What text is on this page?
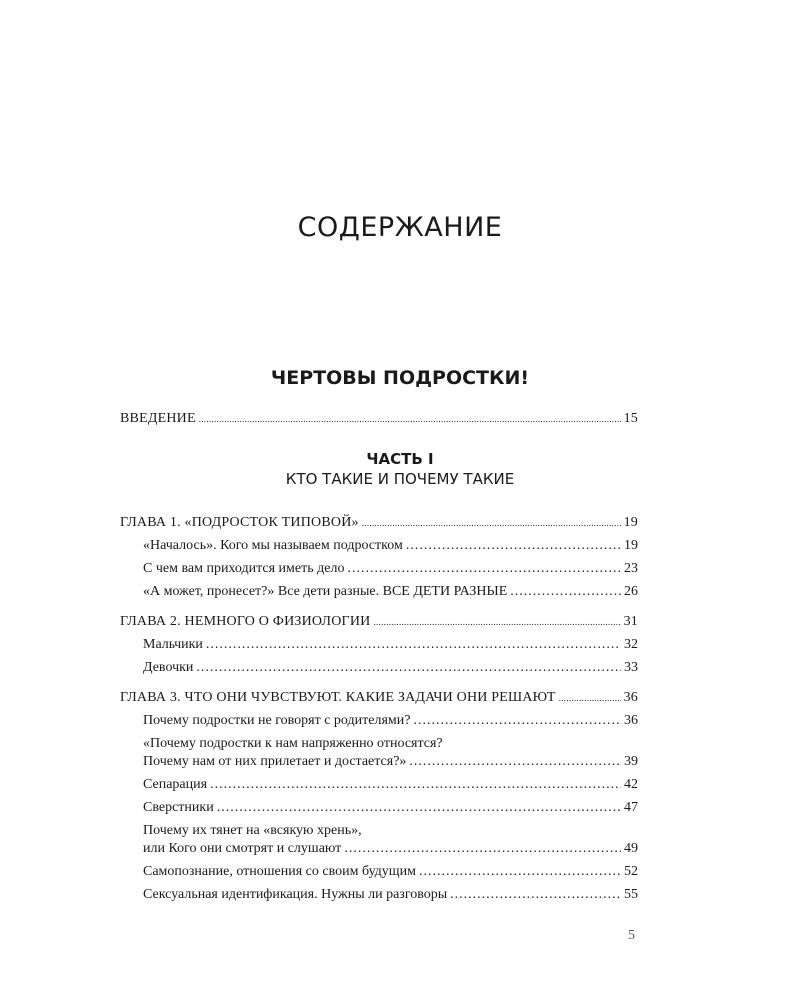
СОДЕРЖАНИЕ
ЧЕРТОВЫ ПОДРОСТКИ!
ВВЕДЕНИЕ .....	15
ЧАСТЬ I
КТО ТАКИЕ И ПОЧЕМУ ТАКИЕ
ГЛАВА 1. «ПОДРОСТОК ТИПОВОЙ» .....	19
«Началось». Кого мы называем подростком .....	19
С чем вам приходится иметь дело .....	23
«А может, пронесет?» Все дети разные. ВСЕ ДЕТИ РАЗНЫЕ .....	26
ГЛАВА 2. НЕМНОГО О ФИЗИОЛОГИИ .....	31
Мальчики .....	32
Девочки .....	33
ГЛАВА 3. ЧТО ОНИ ЧУВСТВУЮТ. КАКИЕ ЗАДАЧИ ОНИ РЕШАЮТ .....	36
Почему подростки не говорят с родителями? .....	36
«Почему подростки к нам напряженно относятся?
Почему нам от них прилетает и достается?» .....	39
Сепарация .....	42
Сверстники .....	47
Почему их тянет на «всякую хрень»,
или Кого они смотрят и слушают .....	49
Самопознание, отношения со своим будущим .....	52
Сексуальная идентификация. Нужны ли разговоры .....	55
5
